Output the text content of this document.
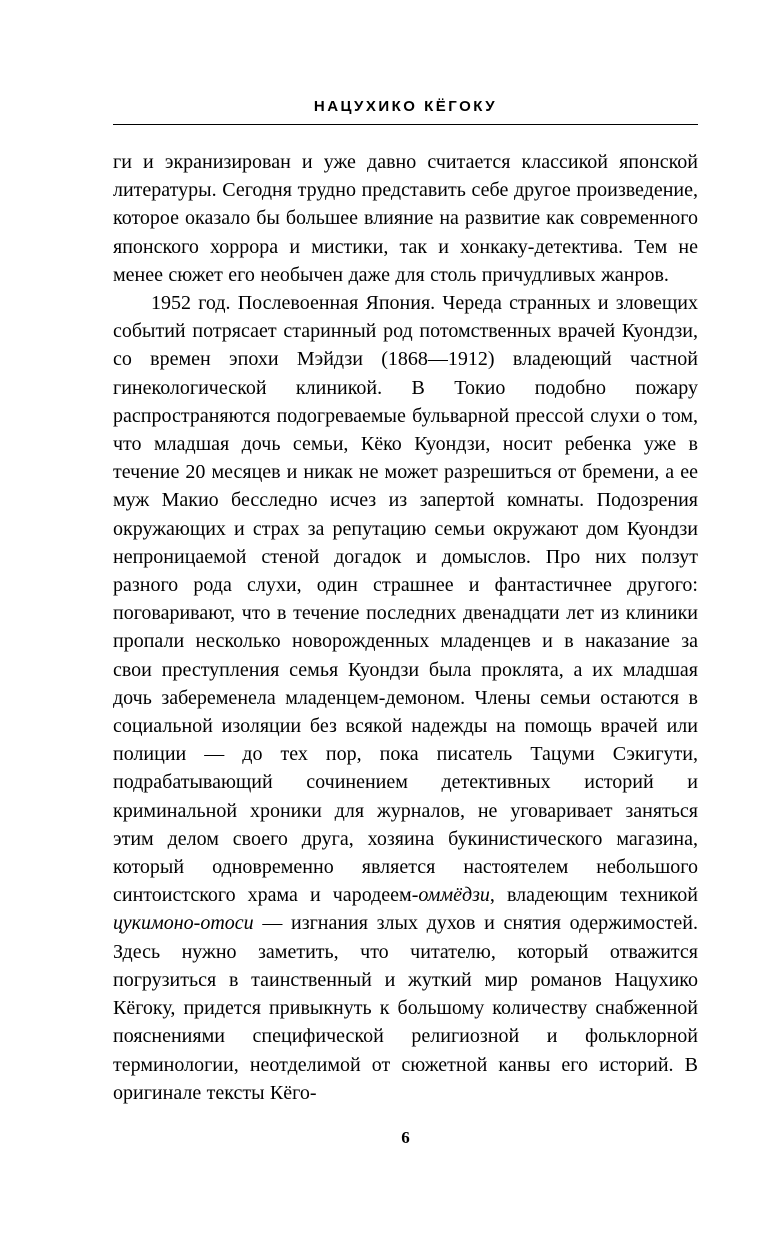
НАЦУХИКО КЁГОКУ

ги и экранизирован и уже давно считается классикой японской литературы. Сегодня трудно представить себе другое произведение, которое оказало бы большее влияние на развитие как современного японского хоррора и мистики, так и хонкаку-детектива. Тем не менее сюжет его необычен даже для столь причудливых жанров.

1952 год. Послевоенная Япония. Череда странных и зловещих событий потрясает старинный род потомственных врачей Куондзи, со времен эпохи Мэйдзи (1868—1912) владеющий частной гинекологической клиникой. В Токио подобно пожару распространяются подогреваемые бульварной прессой слухи о том, что младшая дочь семьи, Кёко Куондзи, носит ребенка уже в течение 20 месяцев и никак не может разрешиться от бремени, а ее муж Макио бесследно исчез из запертой комнаты. Подозрения окружающих и страх за репутацию семьи окружают дом Куондзи непроницаемой стеной догадок и домыслов. Про них ползут разного рода слухи, один страшнее и фантастичнее другого: поговаривают, что в течение последних двенадцати лет из клиники пропали несколько новорожденных младенцев и в наказание за свои преступления семья Куондзи была проклята, а их младшая дочь забеременела младенцем-демоном. Члены семьи остаются в социальной изоляции без всякой надежды на помощь врачей или полиции — до тех пор, пока писатель Тацуми Сэкигути, подрабатывающий сочинением детективных историй и криминальной хроники для журналов, не уговаривает заняться этим делом своего друга, хозяина букинистического магазина, который одновременно является настоятелем небольшого синтоистского храма и чародеем-оммёдзи, владеющим техникой цукимоно-отоси — изгнания злых духов и снятия одержимостей. Здесь нужно заметить, что читателю, который отважится погрузиться в таинственный и жуткий мир романов Нацухико Кёгоку, придется привыкнуть к большому количеству снабженной пояснениями специфической религиозной и фольклорной терминологии, неотделимой от сюжетной канвы его историй. В оригинале тексты Кёго-

6
